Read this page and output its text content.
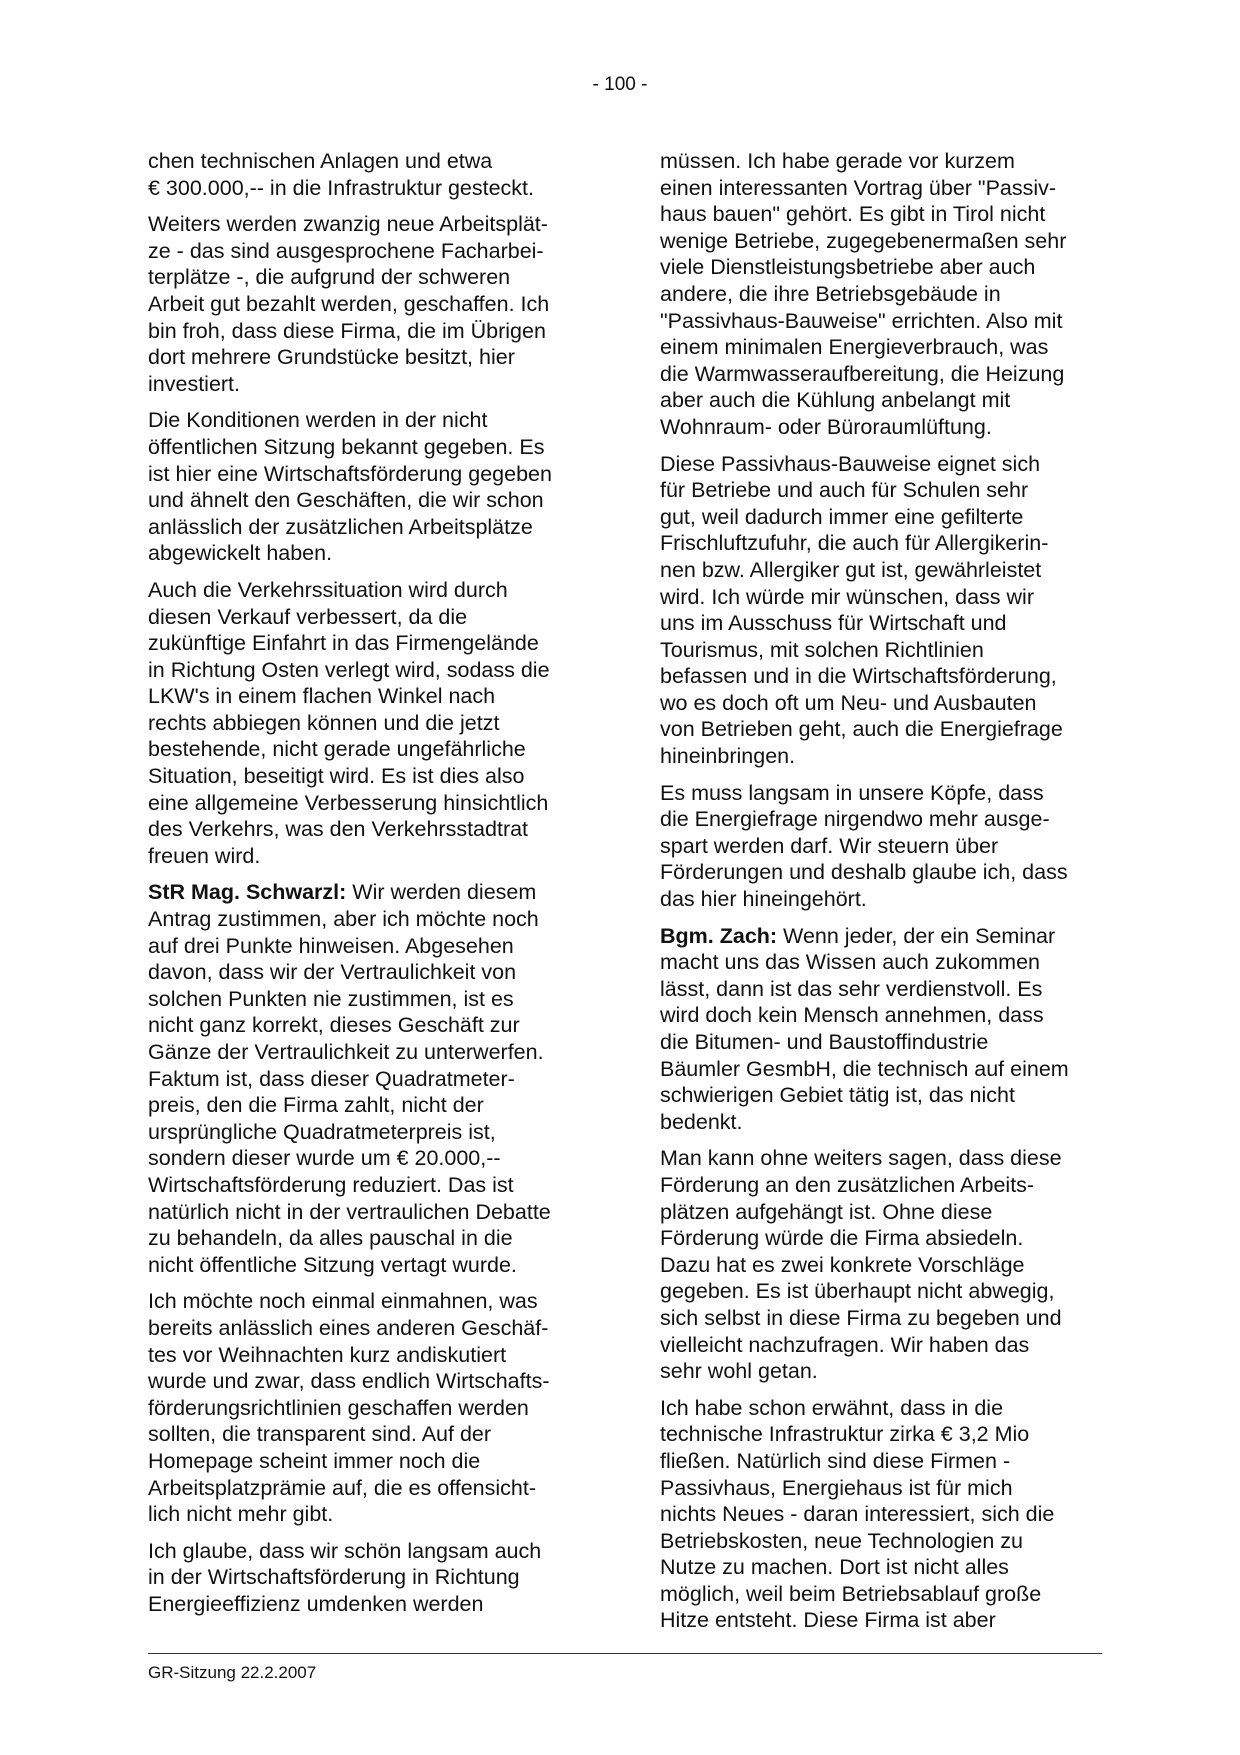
- 100 -
chen technischen Anlagen und etwa
€ 300.000,-- in die Infrastruktur gesteckt.
Weiters werden zwanzig neue Arbeitsplät-
ze - das sind ausgesprochene Facharbei-
terplätze -, die aufgrund der schweren
Arbeit gut bezahlt werden, geschaffen. Ich
bin froh, dass diese Firma, die im Übrigen
dort mehrere Grundstücke besitzt, hier
investiert.
Die Konditionen werden in der nicht
öffentlichen Sitzung bekannt gegeben. Es
ist hier eine Wirtschaftsförderung gegeben
und ähnelt den Geschäften, die wir schon
anlässlich der zusätzlichen Arbeitsplätze
abgewickelt haben.
Auch die Verkehrssituation wird durch
diesen Verkauf verbessert, da die
zukünftige Einfahrt in das Firmengelände
in Richtung Osten verlegt wird, sodass die
LKW's in einem flachen Winkel nach
rechts abbiegen können und die jetzt
bestehende, nicht gerade ungefährliche
Situation, beseitigt wird. Es ist dies also
eine allgemeine Verbesserung hinsichtlich
des Verkehrs, was den Verkehrsstadtrat
freuen wird.
StR Mag. Schwarzl: Wir werden diesem
Antrag zustimmen, aber ich möchte noch
auf drei Punkte hinweisen. Abgesehen
davon, dass wir der Vertraulichkeit von
solchen Punkten nie zustimmen, ist es
nicht ganz korrekt, dieses Geschäft zur
Gänze der Vertraulichkeit zu unterwerfen.
Faktum ist, dass dieser Quadratmeter-
preis, den die Firma zahlt, nicht der
ursprüngliche Quadratmeterpreis ist,
sondern dieser wurde um € 20.000,--
Wirtschaftsförderung reduziert. Das ist
natürlich nicht in der vertraulichen Debatte
zu behandeln, da alles pauschal in die
nicht öffentliche Sitzung vertagt wurde.
Ich möchte noch einmal einmahnen, was
bereits anlässlich eines anderen Geschäf-
tes vor Weihnachten kurz andiskutiert
wurde und zwar, dass endlich Wirtschafts-
förderungsrichtlinien geschaffen werden
sollten, die transparent sind. Auf der
Homepage scheint immer noch die
Arbeitsplatzprämie auf, die es offensicht-
lich nicht mehr gibt.
Ich glaube, dass wir schön langsam auch
in der Wirtschaftsförderung in Richtung
Energieeffizienz umdenken werden
müssen. Ich habe gerade vor kurzem
einen interessanten Vortrag über "Passiv-
haus bauen" gehört. Es gibt in Tirol nicht
wenige Betriebe, zugegebenermaßen sehr
viele Dienstleistungsbetriebe aber auch
andere, die ihre Betriebsgebäude in
"Passivhaus-Bauweise" errichten. Also mit
einem minimalen Energieverbrauch, was
die Warmwasseraufbereitung, die Heizung
aber auch die Kühlung anbelangt mit
Wohnraum- oder Büroraumlüftung.
Diese Passivhaus-Bauweise eignet sich
für Betriebe und auch für Schulen sehr
gut, weil dadurch immer eine gefilterte
Frischluftzufuhr, die auch für Allergikerin-
nen bzw. Allergiker gut ist, gewährleistet
wird. Ich würde mir wünschen, dass wir
uns im Ausschuss für Wirtschaft und
Tourismus, mit solchen Richtlinien
befassen und in die Wirtschaftsförderung,
wo es doch oft um Neu- und Ausbauten
von Betrieben geht, auch die Energiefrage
hineinbringen.
Es muss langsam in unsere Köpfe, dass
die Energiefrage nirgendwo mehr ausge-
spart werden darf. Wir steuern über
Förderungen und deshalb glaube ich, dass
das hier hineingehört.
Bgm. Zach: Wenn jeder, der ein Seminar
macht uns das Wissen auch zukommen
lässt, dann ist das sehr verdienstvoll. Es
wird doch kein Mensch annehmen, dass
die Bitumen- und Baustoffindustrie
Bäumler GesmbH, die technisch auf einem
schwierigen Gebiet tätig ist, das nicht
bedenkt.
Man kann ohne weiters sagen, dass diese
Förderung an den zusätzlichen Arbeits-
plätzen aufgehängt ist. Ohne diese
Förderung würde die Firma absiedeln.
Dazu hat es zwei konkrete Vorschläge
gegeben. Es ist überhaupt nicht abwegig,
sich selbst in diese Firma zu begeben und
vielleicht nachzufragen. Wir haben das
sehr wohl getan.
Ich habe schon erwähnt, dass in die
technische Infrastruktur zirka € 3,2 Mio
fließen. Natürlich sind diese Firmen -
Passivhaus, Energiehaus ist für mich
nichts Neues - daran interessiert, sich die
Betriebskosten, neue Technologien zu
Nutze zu machen. Dort ist nicht alles
möglich, weil beim Betriebsablauf große
Hitze entsteht. Diese Firma ist aber
GR-Sitzung 22.2.2007
